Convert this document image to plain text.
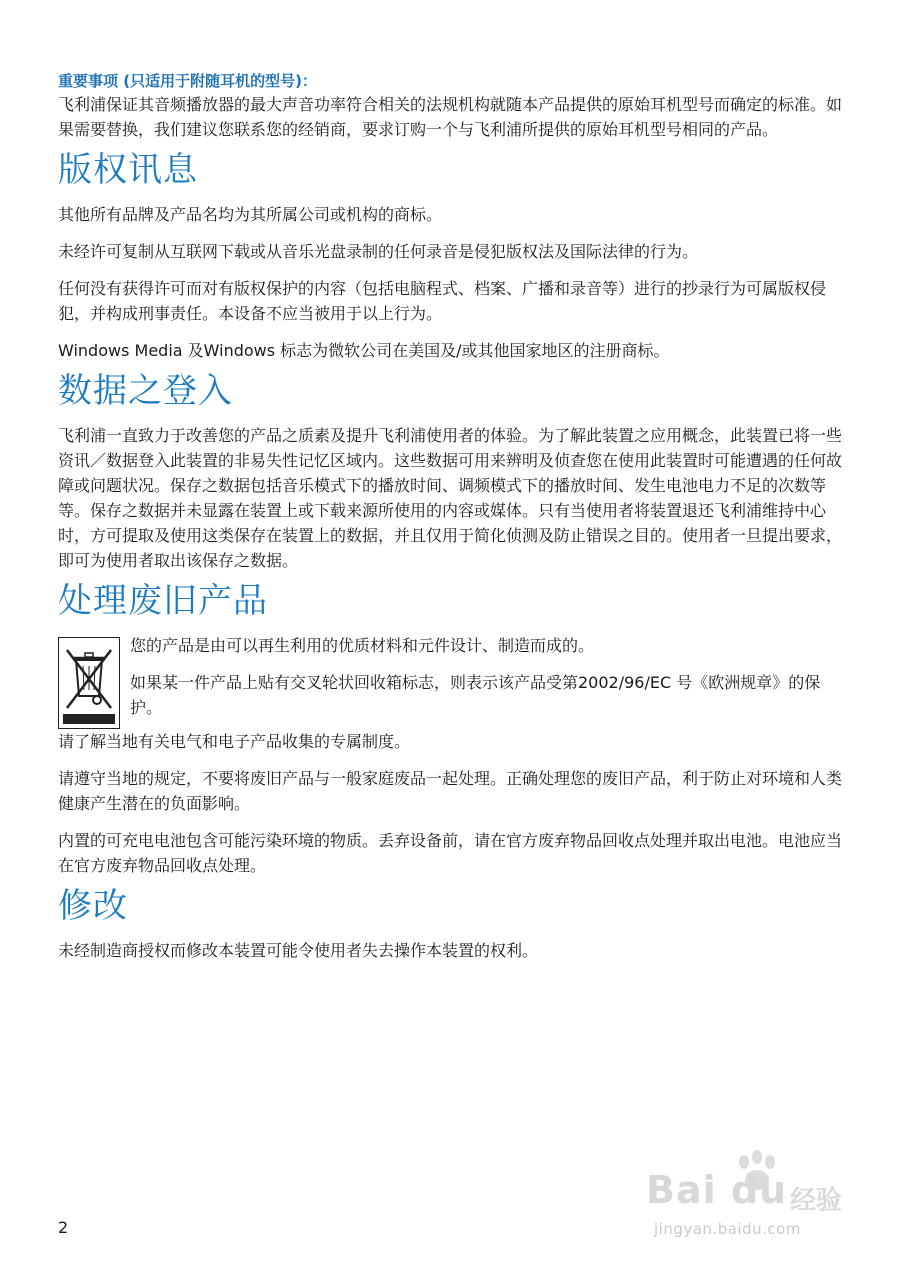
重要事项 (只适用于附随耳机的型号)：

飞利浦保证其音频播放器的最大声音功率符合相关的法规机构就随本产品提供的原始耳机型号而确定的标准。如果需要替换，我们建议您联系您的经销商，要求订购一个与飞利浦所提供的原始耳机型号相同的产品。

版权讯息

其他所有品牌及产品名均为其所属公司或机构的商标。

未经许可复制从互联网下载或从音乐光盘录制的任何录音是侵犯版权法及国际法律的行为。

任何没有获得许可而对有版权保护的内容（包括电脑程式、档案、广播和录音等）进行的抄录行为可属版权侵犯，并构成刑事责任。本设备不应当被用于以上行为。

Windows Media 及Windows 标志为微软公司在美国及/或其他国家地区的注册商标。

数据之登入

飞利浦一直致力于改善您的产品之质素及提升飞利浦使用者的体验。为了解此装置之应用概念，此装置已将一些资讯／数据登入此装置的非易失性记忆区域内。这些数据可用来辨明及侦查您在使用此装置时可能遭遇的任何故障或问题状况。保存之数据包括音乐模式下的播放时间、调频模式下的播放时间、发生电池电力不足的次数等等。保存之数据并未显露在装置上或下载来源所使用的内容或媒体。只有当使用者将装置退还飞利浦维持中心时，方可提取及使用这类保存在装置上的数据，并且仅用于简化侦测及防止错误之目的。使用者一旦提出要求，即可为使用者取出该保存之数据。

处理废旧产品

您的产品是由可以再生利用的优质材料和元件设计、制造而成的。

如果某一件产品上贴有交叉轮状回收箱标志，则表示该产品受第2002/96/EC 号《欧洲规章》的保护。

请了解当地有关电气和电子产品收集的专属制度。

请遵守当地的规定，不要将废旧产品与一般家庭废品一起处理。正确处理您的废旧产品，利于防止对环境和人类健康产生潜在的负面影响。

内置的可充电电池包含可能污染环境的物质。丢弃设备前，请在官方废弃物品回收点处理并取出电池。电池应当在官方废弃物品回收点处理。

修改

未经制造商授权而修改本装置可能令使用者失去操作本装置的权利。

2
Bai du 经验
jingyan.baidu.com
